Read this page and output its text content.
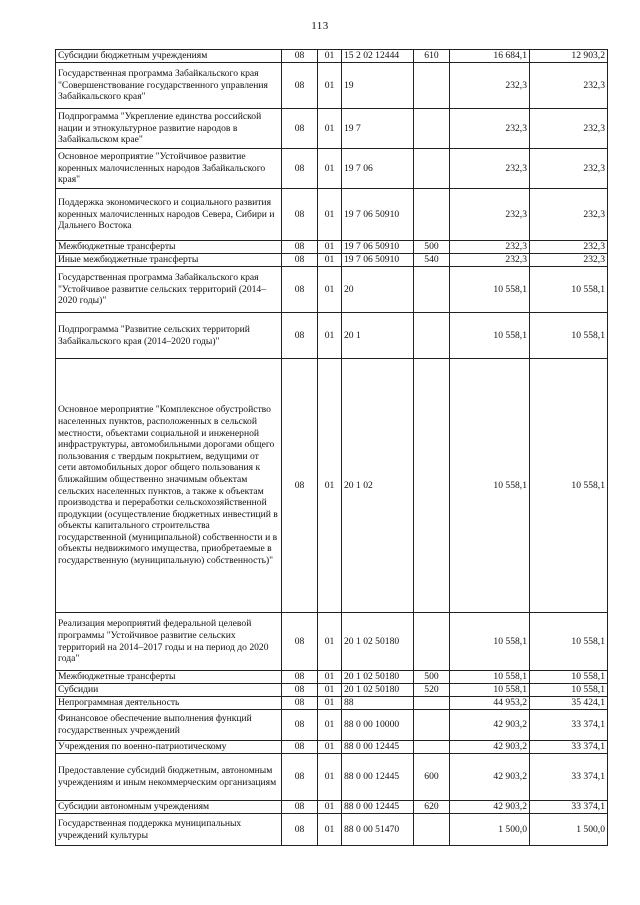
113
Субсидии бюджетным учреждениям	08	01	15 2 02 12444	610	16 684,1	12 903,2
Государственная программа Забайкальского края "Совершенствование государственного управления Забайкальского края"	08	01	19		232,3	232,3
Подпрограмма "Укрепление единства российской нации и этнокультурное развитие народов в Забайкальском крае"	08	01	19 7		232,3	232,3
Основное мероприятие "Устойчивое развитие коренных малочисленных народов Забайкальского края"	08	01	19 7 06		232,3	232,3
Поддержка экономического и социального развития коренных малочисленных народов Севера, Сибири и Дальнего Востока	08	01	19 7 06 50910		232,3	232,3
Межбюджетные трансферты	08	01	19 7 06 50910	500	232,3	232,3
Иные межбюджетные трансферты	08	01	19 7 06 50910	540	232,3	232,3
Государственная программа Забайкальского края "Устойчивое развитие сельских территорий (2014–2020 годы)"	08	01	20		10 558,1	10 558,1
Подпрограмма "Развитие сельских территорий Забайкальского края (2014–2020 годы)"	08	01	20 1		10 558,1	10 558,1
Основное мероприятие "Комплексное обустройство населенных пунктов, расположенных в сельской местности, объектами социальной и инженерной инфраструктуры, автомобильными дорогами общего пользования с твердым покрытием, ведущими от сети автомобильных дорог общего пользования к ближайшим общественно значимым объектам сельских населенных пунктов, а также к объектам производства и переработки сельскохозяйственной продукции (осуществление бюджетных инвестиций в объекты капитального строительства государственной (муниципальной) собственности и в объекты недвижимого имущества, приобретаемые в государственную (муниципальную) собственность)"	08	01	20 1 02		10 558,1	10 558,1
Реализация мероприятий федеральной целевой программы "Устойчивое развитие сельских территорий на 2014–2017 годы и на период до 2020 года"	08	01	20 1 02 50180		10 558,1	10 558,1
Межбюджетные трансферты	08	01	20 1 02 50180	500	10 558,1	10 558,1
Субсидии	08	01	20 1 02 50180	520	10 558,1	10 558,1
Непрограммная деятельность	08	01	88		44 953,2	35 424,1
Финансовое обеспечение выполнения функций государственных учреждений	08	01	88 0 00 10000		42 903,2	33 374,1
Учреждения по военно-патриотическому	08	01	88 0 00 12445		42 903,2	33 374,1
Предоставление субсидий бюджетным, автономным учреждениям и иным некоммерческим организациям	08	01	88 0 00 12445	600	42 903,2	33 374,1
Субсидии автономным учреждениям	08	01	88 0 00 12445	620	42 903,2	33 374,1
Государственная поддержка муниципальных учреждений культуры	08	01	88 0 00 51470		1 500,0	1 500,0
